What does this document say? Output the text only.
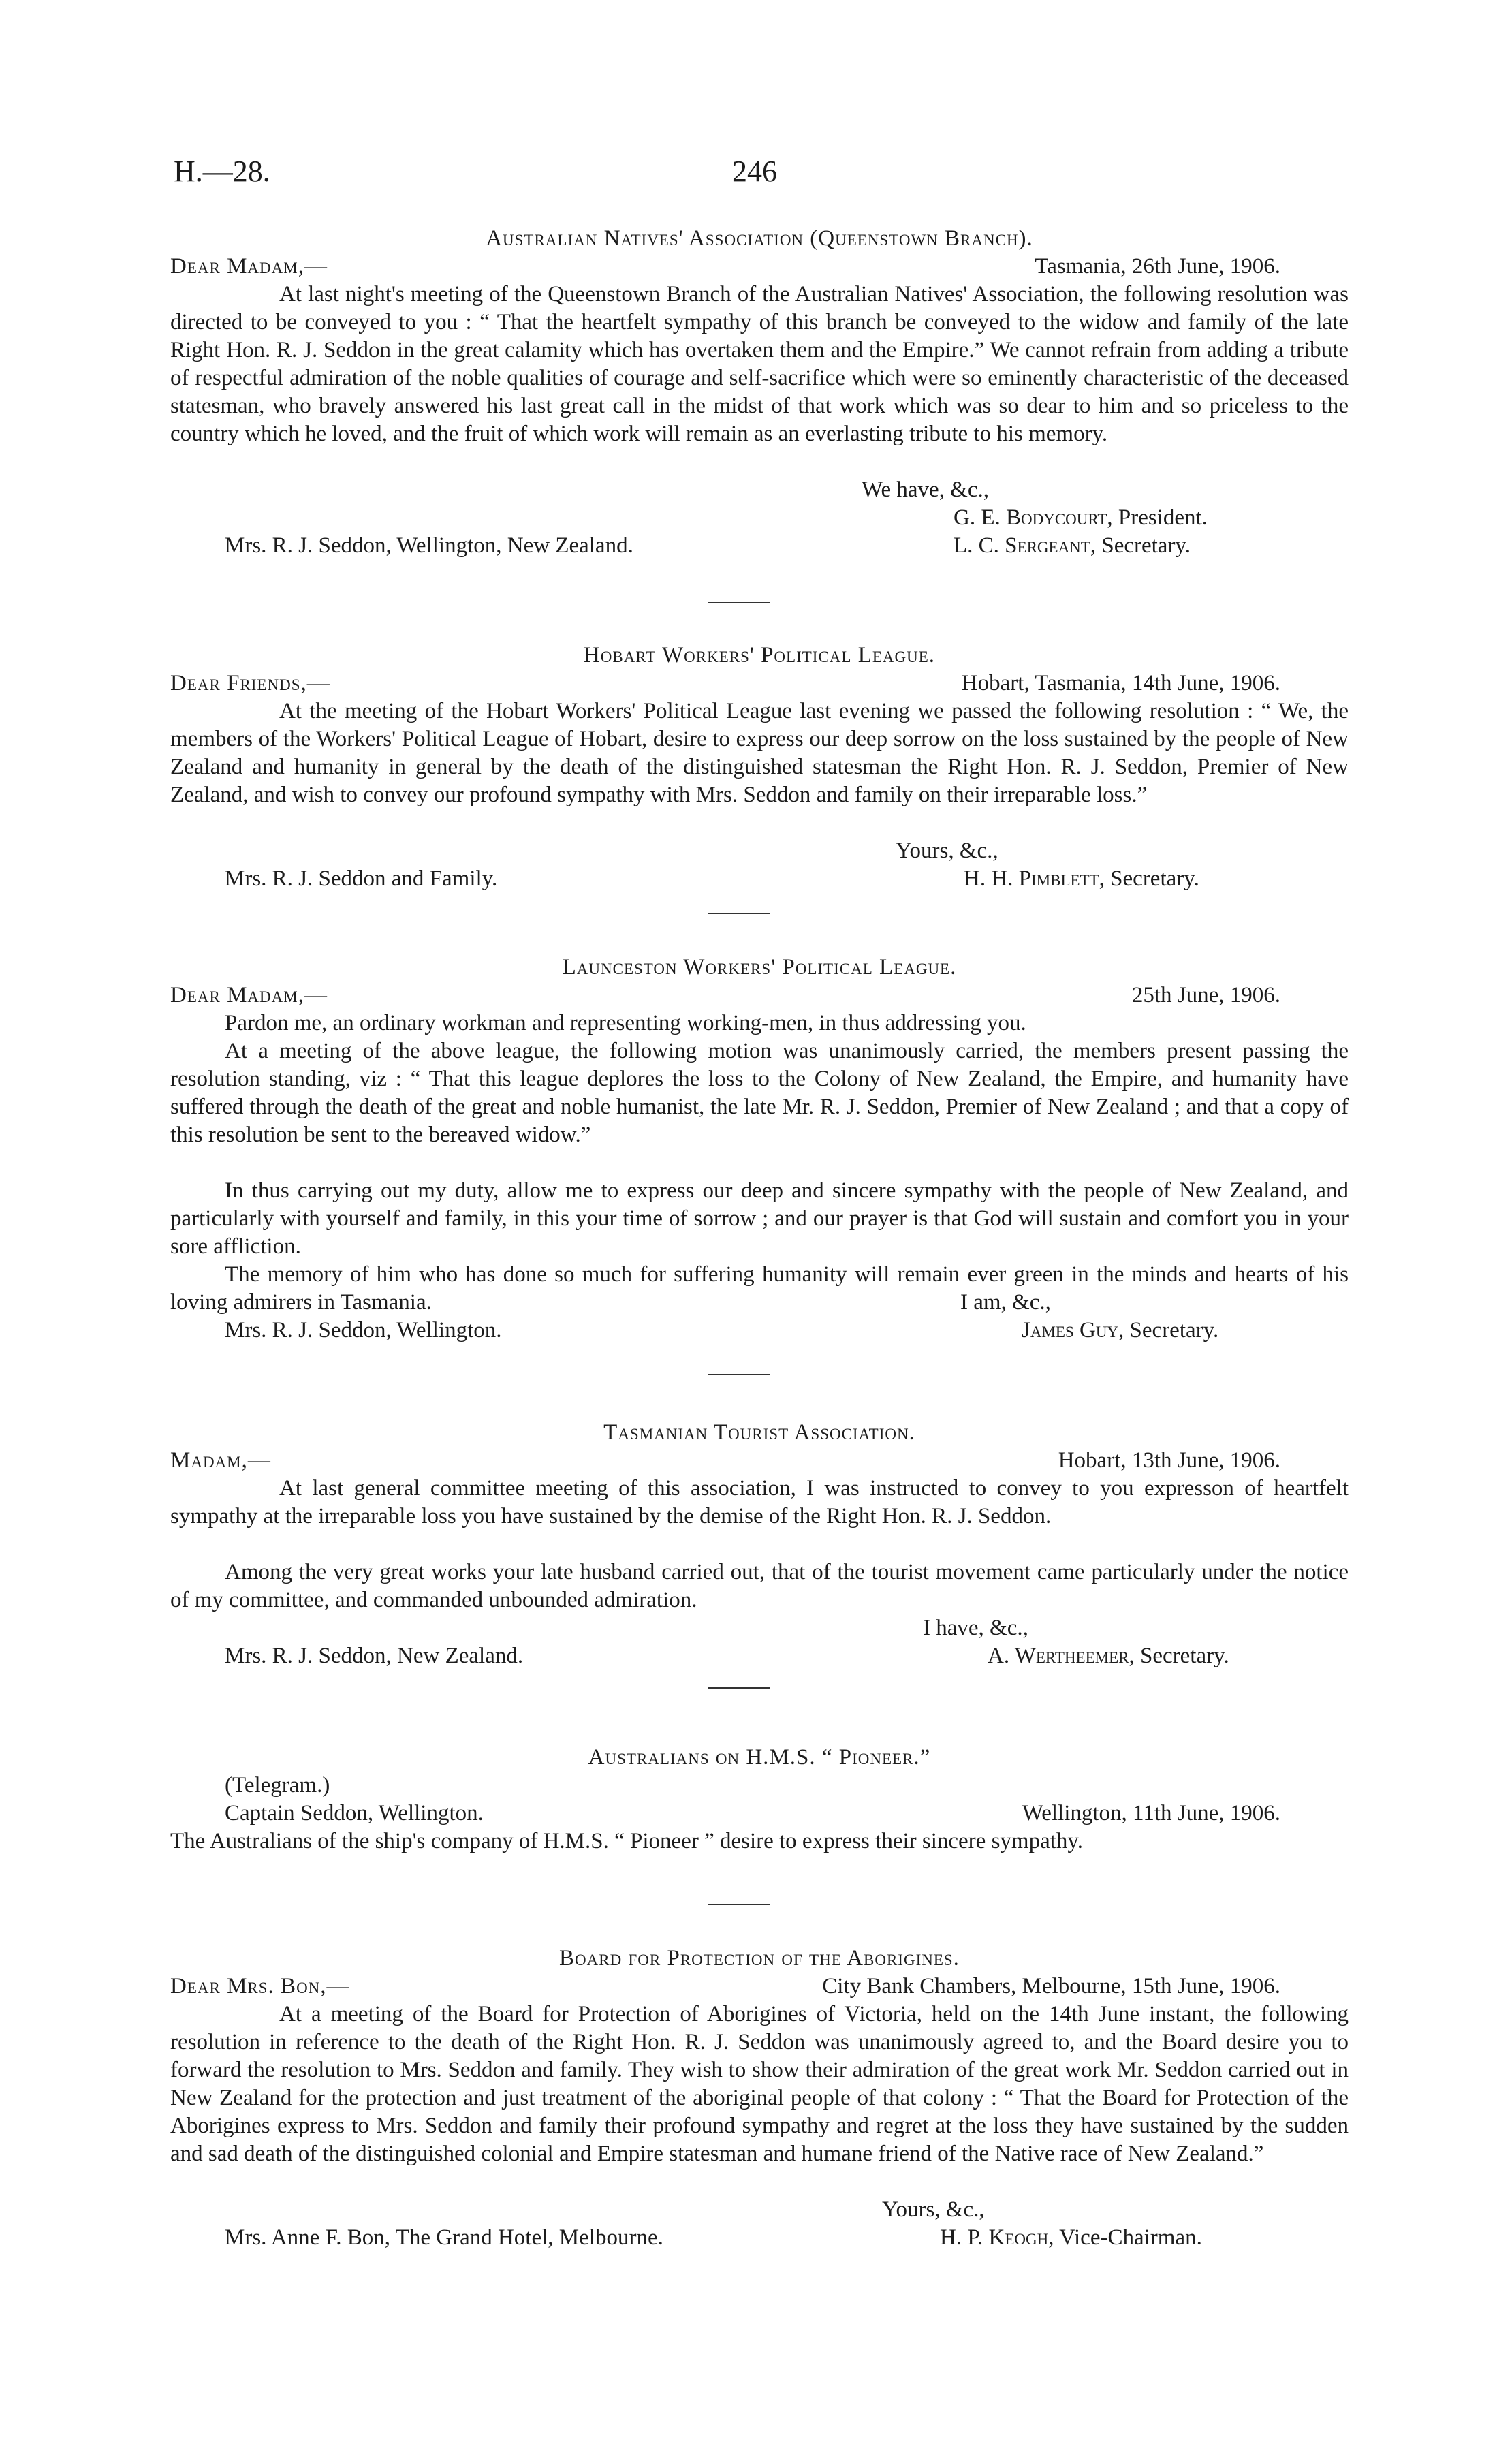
H.—28.	246
Australian Natives' Association (Queenstown Branch).
Dear Madam,—	Tasmania, 26th June, 1906.

At last night's meeting of the Queenstown Branch of the Australian Natives' Association, the following resolution was directed to be conveyed to you : “ That the heartfelt sympathy of this branch be conveyed to the widow and family of the late Right Hon. R. J. Seddon in the great calamity which has overtaken them and the Empire.” We cannot refrain from adding a tribute of respectful admiration of the noble qualities of courage and self-sacrifice which were so eminently characteristic of the deceased statesman, who bravely answered his last great call in the midst of that work which was so dear to him and so priceless to the country which he loved, and the fruit of which work will remain as an everlasting tribute to his memory.

We have, &c.,
G. E. Bodycourt, President.
Mrs. R. J. Seddon, Wellington, New Zealand.	L. C. Sergeant, Secretary.
Hobart Workers' Political League.
Dear Friends,—	Hobart, Tasmania, 14th June, 1906.

At the meeting of the Hobart Workers' Political League last evening we passed the following resolution : “ We, the members of the Workers' Political League of Hobart, desire to express our deep sorrow on the loss sustained by the people of New Zealand and humanity in general by the death of the distinguished statesman the Right Hon. R. J. Seddon, Premier of New Zealand, and wish to convey our profound sympathy with Mrs. Seddon and family on their irreparable loss.”

Yours, &c.,
Mrs. R. J. Seddon and Family.	H. H. Pimblett, Secretary.
Launceston Workers' Political League.
Dear Madam,—	25th June, 1906.

Pardon me, an ordinary workman and representing working-men, in thus addressing you.

At a meeting of the above league, the following motion was unanimously carried, the members present passing the resolution standing, viz : “ That this league deplores the loss to the Colony of New Zealand, the Empire, and humanity have suffered through the death of the great and noble humanist, the late Mr. R. J. Seddon, Premier of New Zealand ; and that a copy of this resolution be sent to the bereaved widow.”

In thus carrying out my duty, allow me to express our deep and sincere sympathy with the people of New Zealand, and particularly with yourself and family, in this your time of sorrow ; and our prayer is that God will sustain and comfort you in your sore affliction.

The memory of him who has done so much for suffering humanity will remain ever green in the minds and hearts of his loving admirers in Tasmania.

Mrs. R. J. Seddon, Wellington.	James Guy, Secretary.
I am, &c.,
Tasmanian Tourist Association.
Madam,—	Hobart, 13th June, 1906.

At last general committee meeting of this association, I was instructed to convey to you expresson of heartfelt sympathy at the irreparable loss you have sustained by the demise of the Right Hon. R. J. Seddon.

Among the very great works your late husband carried out, that of the tourist movement came particularly under the notice of my committee, and commanded unbounded admiration.

I have, &c.,
Mrs. R. J. Seddon, New Zealand.	A. Wertheemer, Secretary.
Australians on H.M.S. “ Pioneer.”
(Telegram.)
Captain Seddon, Wellington.	Wellington, 11th June, 1906.

The Australians of the ship's company of H.M.S. “ Pioneer ” desire to express their sincere sympathy.

Board for Protection of the Aborigines.
Dear Mrs. Bon,—	City Bank Chambers, Melbourne, 15th June, 1906.

At a meeting of the Board for Protection of Aborigines of Victoria, held on the 14th June instant, the following resolution in reference to the death of the Right Hon. R. J. Seddon was unanimously agreed to, and the Board desire you to forward the resolution to Mrs. Seddon and family. They wish to show their admiration of the great work Mr. Seddon carried out in New Zealand for the protection and just treatment of the aboriginal people of that colony : “ That the Board for Protection of the Aborigines express to Mrs. Seddon and family their profound sympathy and regret at the loss they have sustained by the sudden and sad death of the distinguished colonial and Empire statesman and humane friend of the Native race of New Zealand.”

Yours, &c.,
Mrs. Anne F. Bon, The Grand Hotel, Melbourne.	H. P. Keogh, Vice-Chairman.
